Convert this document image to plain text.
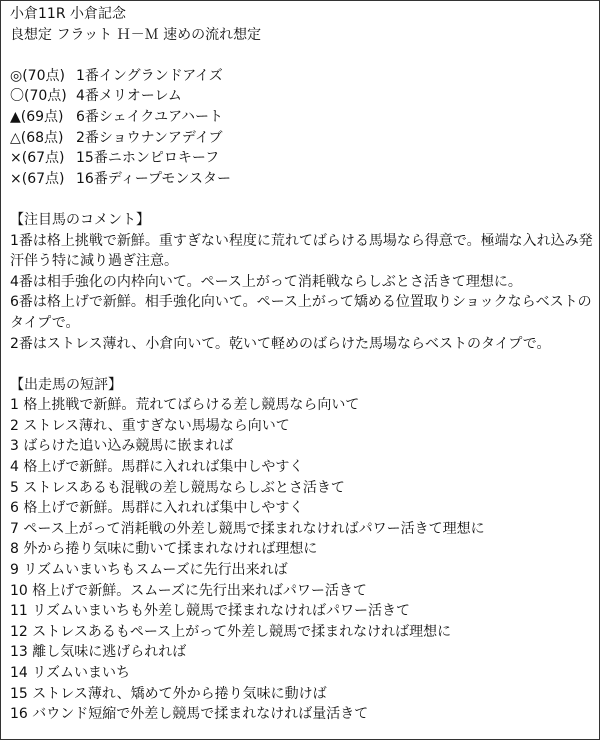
小倉11R 小倉記念
良想定 フラット Ｈ－Ｍ 速めの流れ想定
◎(70点) 1番イングランドアイズ
〇(70点) 4番メリオーレム
▲(69点) 6番シェイクユアハート
△(68点) 2番ショウナンアデイブ
×(67点) 15番ニホンピロキーフ
×(67点) 16番ディープモンスター
【注目馬のコメント】
1番は格上挑戦で新鮮。重すぎない程度に荒れてばらける馬場なら得意で。極端な入れ込み発
汗伴う特に減り過ぎ注意。
4番は相手強化の内枠向いて。ペース上がって消耗戦ならしぶとさ活きて理想に。
6番は格上げで新鮮。相手強化向いて。ペース上がって矯める位置取りショックならベストの
タイプで。
2番はストレス薄れ、小倉向いて。乾いて軽めのばらけた馬場ならベストのタイプで。
【出走馬の短評】
1 格上挑戦で新鮮。荒れてばらける差し競馬なら向いて
2 ストレス薄れ、重すぎない馬場なら向いて
3 ばらけた追い込み競馬に嵌まれば
4 格上げで新鮮。馬群に入れれば集中しやすく
5 ストレスあるも混戦の差し競馬ならしぶとさ活きて
6 格上げで新鮮。馬群に入れれば集中しやすく
7 ペース上がって消耗戦の外差し競馬で揉まれなければパワー活きて理想に
8 外から捲り気味に動いて揉まれなければ理想に
9 リズムいまいちもスムーズに先行出来れば
10 格上げで新鮮。スムーズに先行出来ればパワー活きて
11 リズムいまいちも外差し競馬で揉まれなければパワー活きて
12 ストレスあるもペース上がって外差し競馬で揉まれなければ理想に
13 離し気味に逃げられれば
14 リズムいまいち
15 ストレス薄れ、矯めて外から捲り気味に動けば
16 バウンド短縮で外差し競馬で揉まれなければ量活きて
